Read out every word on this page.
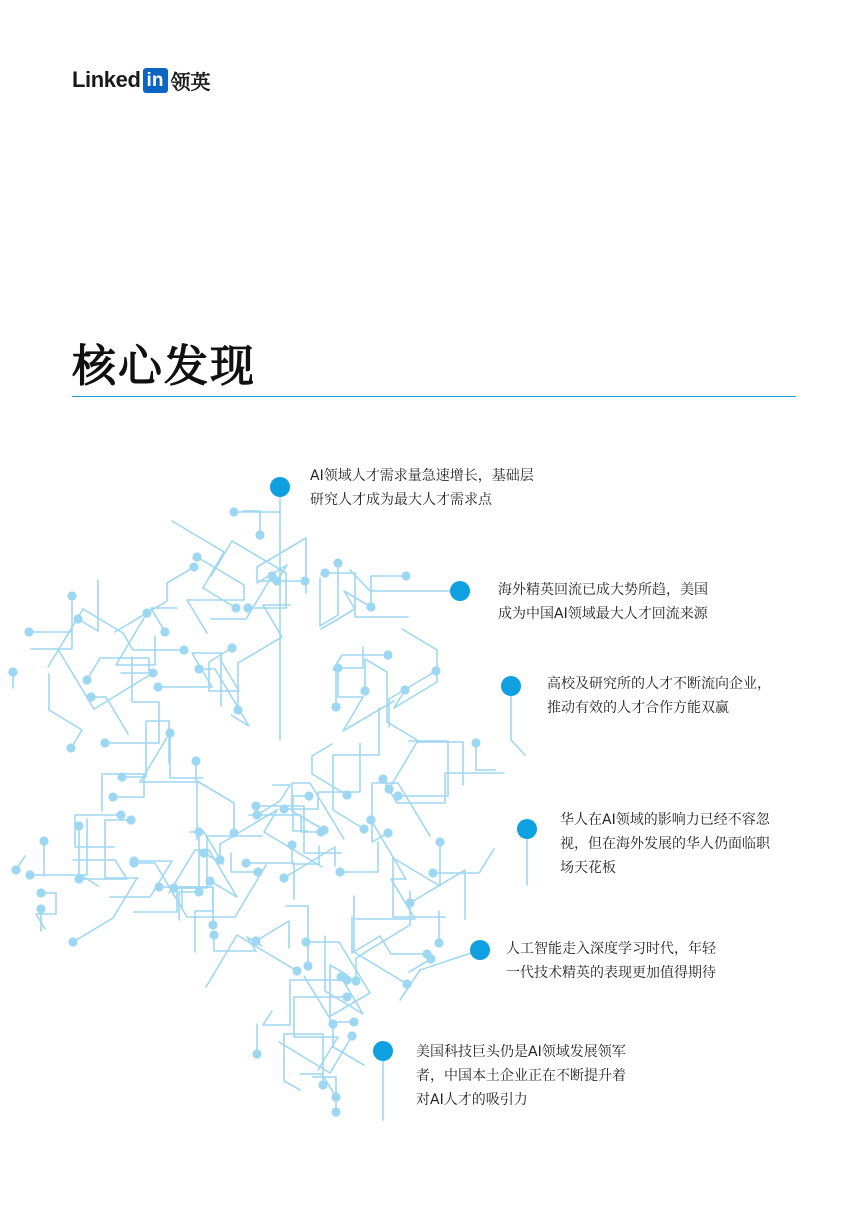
Linked in 领英
核心发现
AI领域人才需求量急速增长，基础层
研究人才成为最大人才需求点
海外精英回流已成大势所趋，美国
成为中国AI领域最大人才回流来源
高校及研究所的人才不断流向企业，
推动有效的人才合作方能双赢
华人在AI领域的影响力已经不容忽
视，但在海外发展的华人仍面临职
场天花板
人工智能走入深度学习时代，年轻
一代技术精英的表现更加值得期待
美国科技巨头仍是AI领域发展领军
者，中国本土企业正在不断提升着
对AI人才的吸引力
